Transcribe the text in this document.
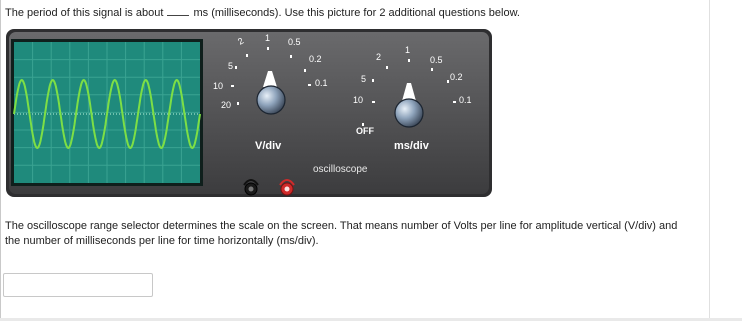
The period of this signal is about	ms (milliseconds). Use this picture for 2 additional questions below.
20
10
5
2 1 0.5
0.2
0.1
V/div
OFF
10
5
2
1
0.5
0.2
0.1
ms/div
oscilloscope
The oscilloscope range selector determines the scale on the screen. That means number of Volts per line for amplitude vertical (V/div) and the number of milliseconds per line for time horizontally (ms/div).
